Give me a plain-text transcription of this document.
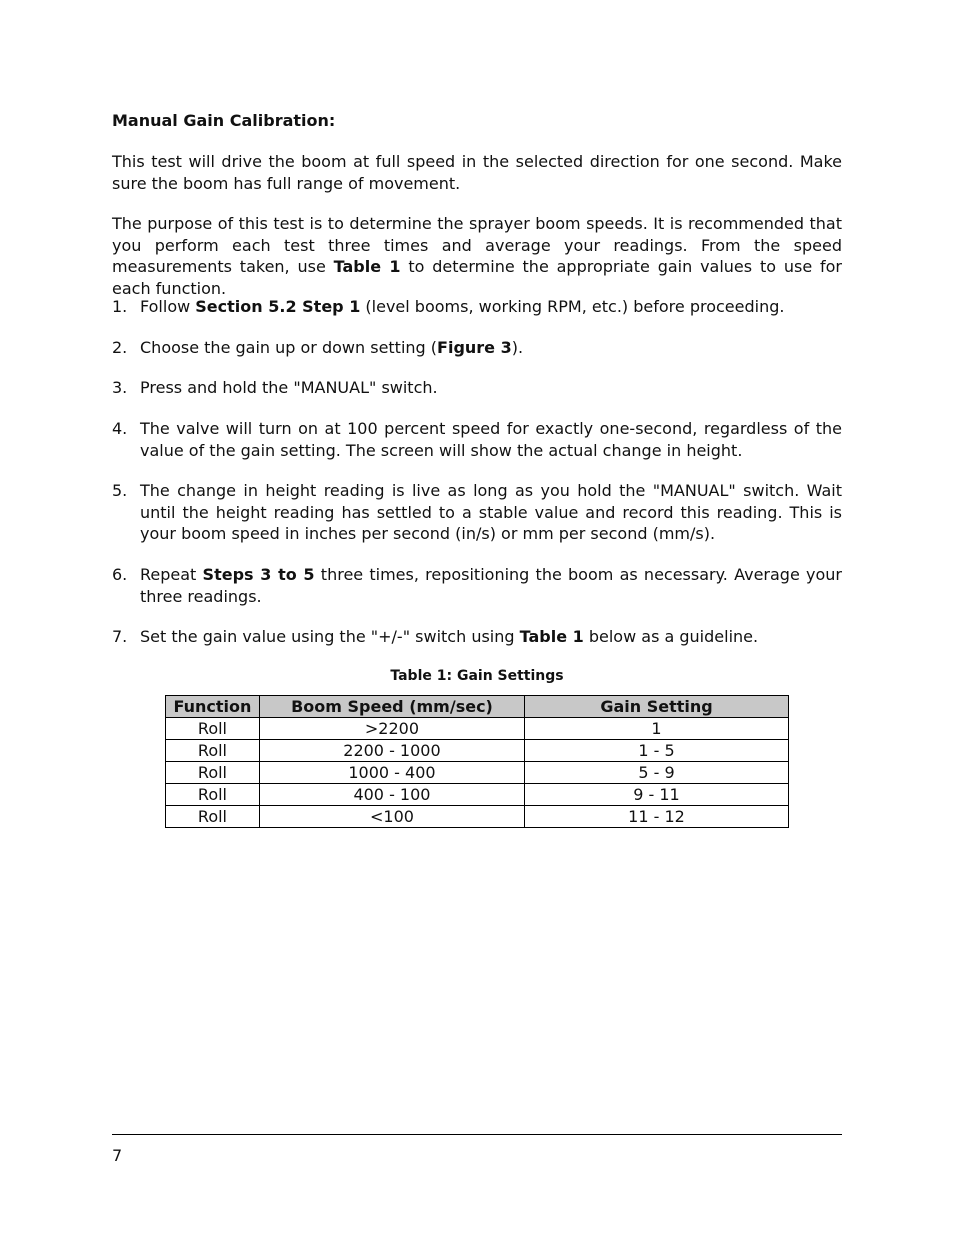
Manual Gain Calibration:
This test will drive the boom at full speed in the selected direction for one second. Make sure the boom has full range of movement.
The purpose of this test is to determine the sprayer boom speeds. It is recommended that you perform each test three times and average your readings. From the speed measurements taken, use Table 1 to determine the appropriate gain values to use for each function.
1. Follow Section 5.2 Step 1 (level booms, working RPM, etc.) before proceeding.
2. Choose the gain up or down setting (Figure 3).
3. Press and hold the "MANUAL" switch.
4. The valve will turn on at 100 percent speed for exactly one-second, regardless of the value of the gain setting. The screen will show the actual change in height.
5. The change in height reading is live as long as you hold the "MANUAL" switch. Wait until the height reading has settled to a stable value and record this reading. This is your boom speed in inches per second (in/s) or mm per second (mm/s).
6. Repeat Steps 3 to 5 three times, repositioning the boom as necessary. Average your three readings.
7. Set the gain value using the "+/-" switch using Table 1 below as a guideline.
Table 1: Gain Settings
Function	Boom Speed (mm/sec)	Gain Setting
Roll	>2200	1
Roll	2200 - 1000	1 - 5
Roll	1000 - 400	5 - 9
Roll	400 - 100	9 - 11
Roll	<100	11 - 12
7
